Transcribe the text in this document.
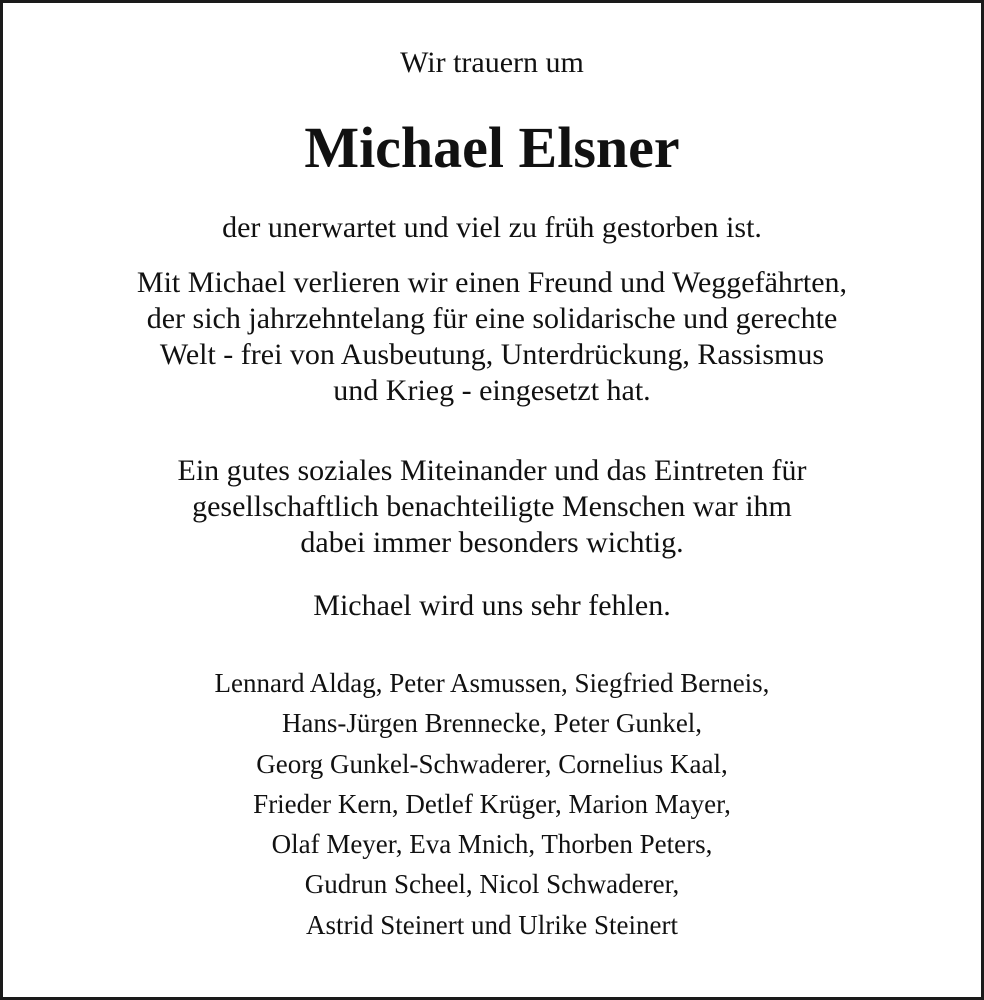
Wir trauern um
Michael Elsner
der unerwartet und viel zu früh gestorben ist.
Mit Michael verlieren wir einen Freund und Weggefährten,
der sich jahrzehntelang für eine solidarische und gerechte
Welt - frei von Ausbeutung, Unterdrückung, Rassismus
und Krieg - eingesetzt hat.
Ein gutes soziales Miteinander und das Eintreten für
gesellschaftlich benachteiligte Menschen war ihm
dabei immer besonders wichtig.
Michael wird uns sehr fehlen.
Lennard Aldag, Peter Asmussen, Siegfried Berneis,
Hans-Jürgen Brennecke, Peter Gunkel,
Georg Gunkel-Schwaderer, Cornelius Kaal,
Frieder Kern, Detlef Krüger, Marion Mayer,
Olaf Meyer, Eva Mnich, Thorben Peters,
Gudrun Scheel, Nicol Schwaderer,
Astrid Steinert und Ulrike Steinert
